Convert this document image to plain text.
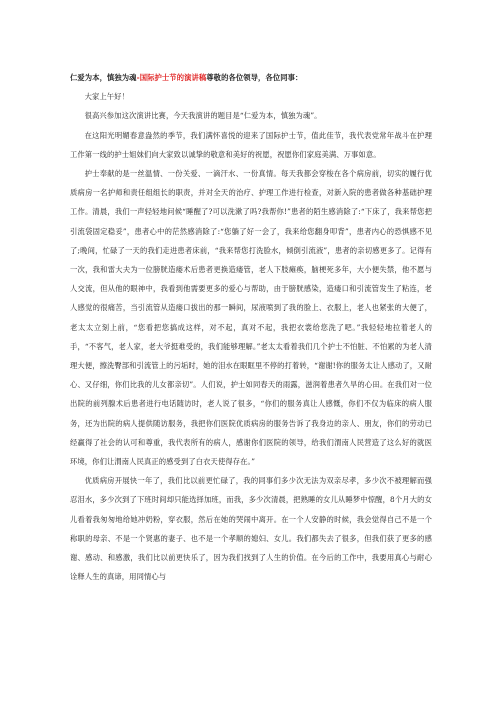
仁爱为本，慎独为魂-国际护士节的演讲稿尊敬的各位领导，各位同事：

大家上午好！

很高兴参加这次演讲比赛，今天我演讲的题目是“仁爱为本，慎独为魂”。

在这阳光明媚春意盎然的季节，我们满怀喜悦的迎来了国际护士节，值此佳节，我代表党常年战斗在护理工作第一线的护士姐妹们向大家致以诚挚的敬意和美好的祝愿，祝愿你们家庭美满、万事如意。

护士奉献的是一丝温情、一份关爱、一滴汗水、一份真情。每天我都会穿梭在各个病房前，切实的履行优质病房一名护师和责任组组长的职责，并对全天的治疗、护理工作进行检查，对新入院的患者做各种基础护理工作。清晨，我们一声轻轻地问候“睡醒了?可以洗漱了吗?我帮你!”患者的陌生感消除了:“下床了，我来帮您把引流袋固定稳妥”，患者心中的茫然感消除了:“您躺了好一会了，我来给您翻身叩背”，患者内心的恐惧感不见了;晚间，忙碌了一天的我们走进患者床前，“我来帮您打洗脸水，倾倒引流液”，患者的亲切感更多了。记得有一次，我和雷大夫为一位膀胱造瘘术后患者更换造瘘管，老人下肢瘫痪，脑梗死多年，大小便失禁，他不愿与人交流，但从他的眼神中，我看到他需要更多的爱心与帮助，由于膀胱感染，造瘘口和引流管发生了粘连，老人感觉的很痛苦，当引流管从造瘘口拔出的那一瞬间，尿液喷到了我的脸上、衣服上，老人也紧张的大便了，老太太立刻上前，“您看把您搞成这样，对不起，真对不起，我把衣裳给您洗了吧。”我轻轻地拉着老人的手，“不客气，老人家，老大爷挺难受的，我们能够理解。”老太太看着我们几个护士不怕脏、不怕累的为老人清理大便，擦洗臀部和引流管上的污垢时，她的泪水在眼眶里不停的打着转，“谢谢!你的服务太让人感动了，又耐心、又仔细，你们比我的儿女都亲切”。人们说，护士如同春天的雨露，滋润着患者久旱的心田。在我们对一位出院的前列腺术后患者进行电话随访时，老人说了很多，“你们的服务真让人感慨，你们不仅为临床的病人服务，还为出院的病人提供随访服务，我把你们医院优质病房的服务告诉了我身边的亲人、朋友，你们的劳动已经赢得了社会的认可和尊重，我代表所有的病人，感谢你们医院的领导，给我们渭南人民营造了这么好的就医环境，你们让渭南人民真正的感受到了白衣天使得存在。”

优质病房开展快一年了，我们比以前更忙碌了，我的同事们多少次无法为双亲尽孝，多少次不被理解而强忍泪水，多少次到了下班时间却只能选择加班，而我，多少次清晨，把熟睡的女儿从睡梦中惊醒，8个月大的女儿看着我匆匆地给她冲奶粉，穿衣服，然后在她的哭闹中离开。在一个人安静的时候，我会觉得自己不是一个称职的母亲、不是一个贤惠的妻子、也不是一个孝顺的媳妇、女儿。我们都失去了很多，但我们获了更多的感谢、感动、和感激，我们比以前更快乐了，因为我们找到了人生的价值。在今后的工作中，我要用真心与耐心诠释人生的真谛，用同情心与
